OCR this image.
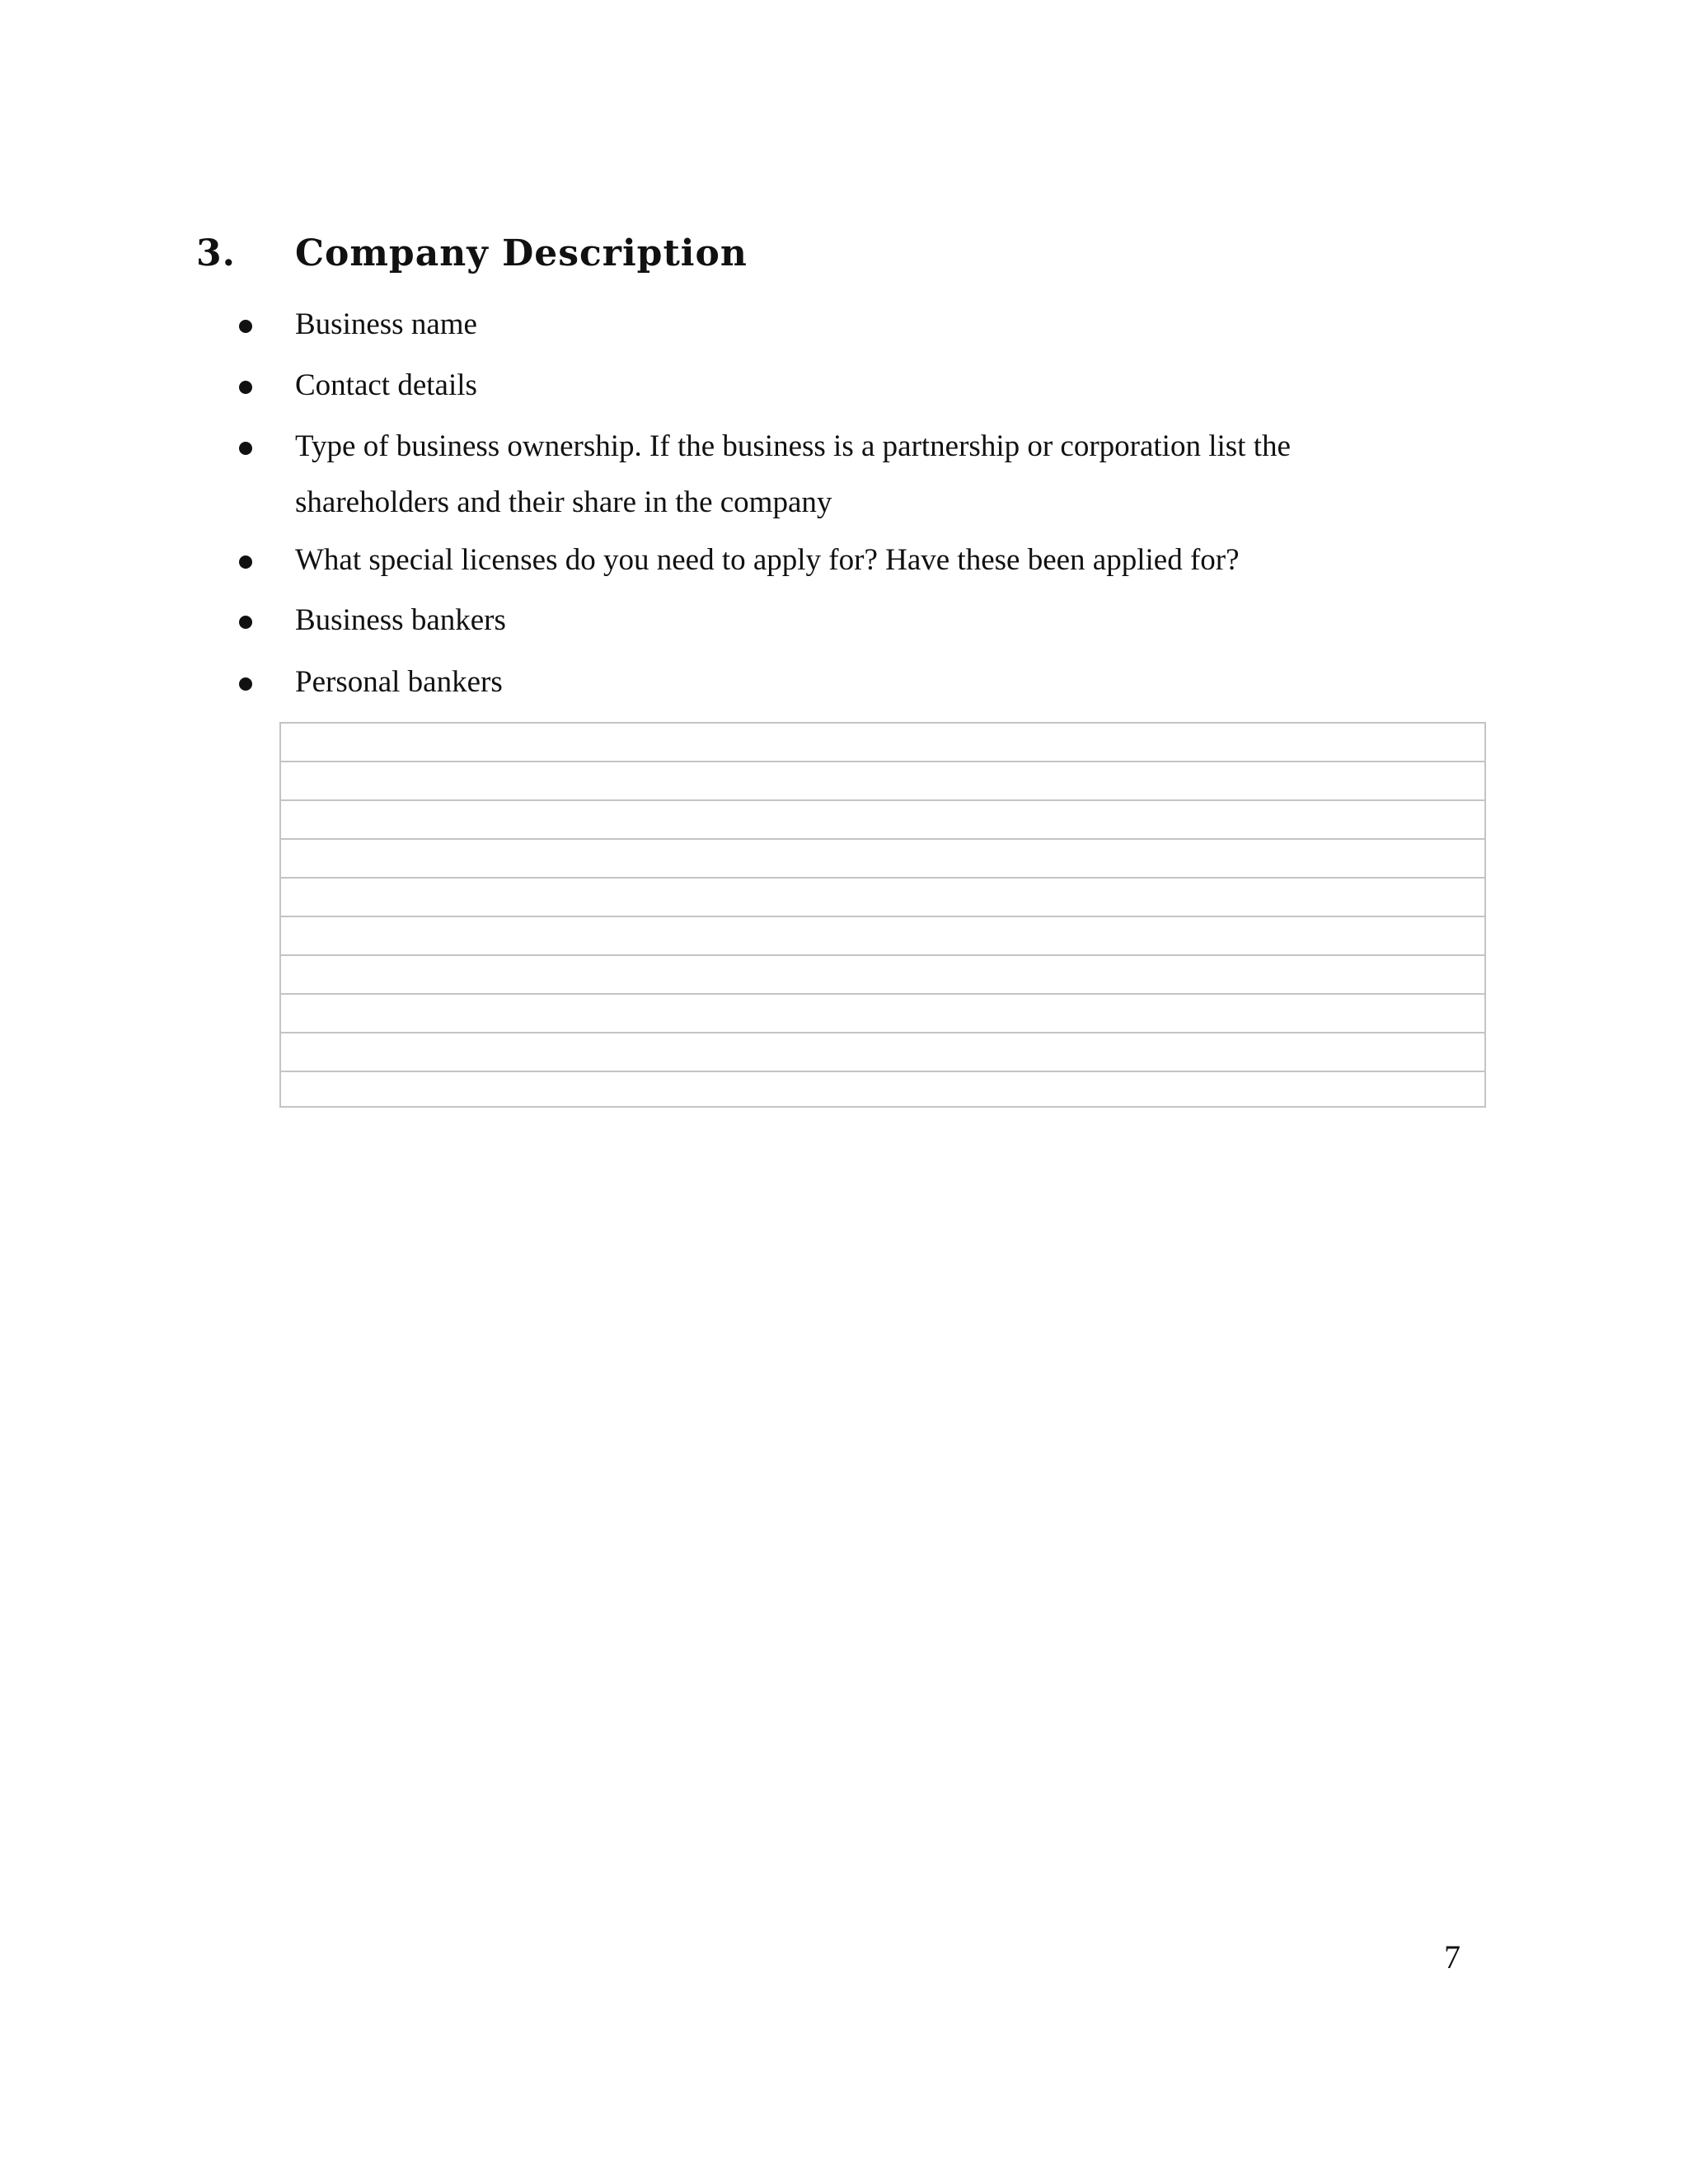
3.	Company Description
Business name
Contact details
Type of business ownership. If the business is a partnership or corporation list the shareholders and their share in the company
What special licenses do you need to apply for? Have these been applied for?
Business bankers
Personal bankers
7
